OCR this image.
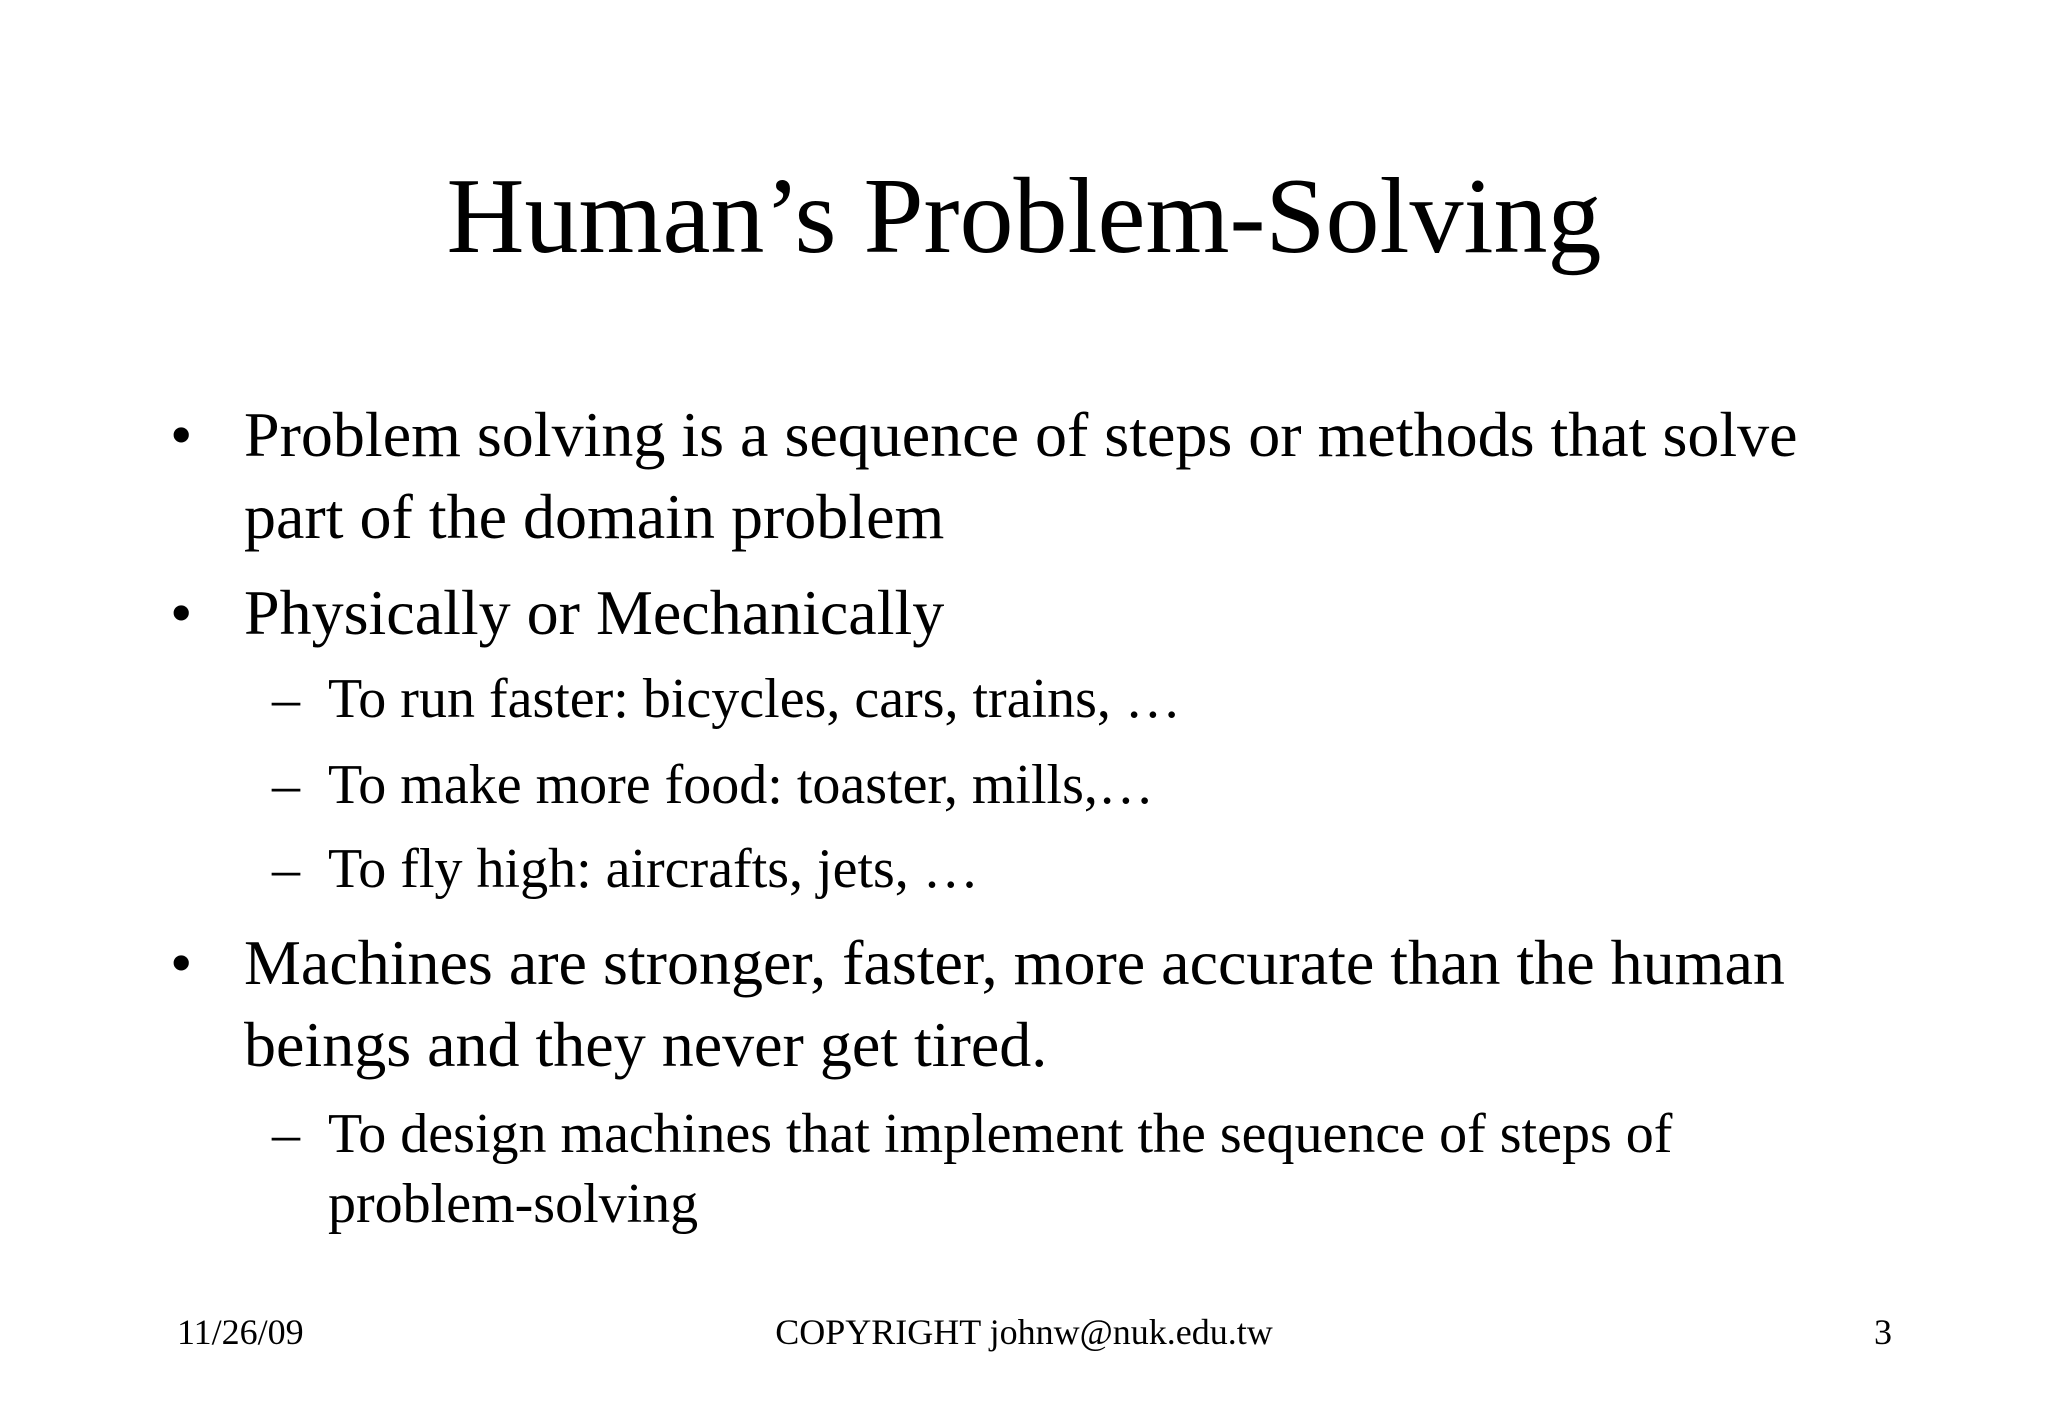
Human’s Problem-Solving
• Problem solving is a sequence of steps or methods that solve part of the domain problem
• Physically or Mechanically
– To run faster: bicycles, cars, trains, …
– To make more food: toaster, mills,…
– To fly high: aircrafts, jets, …
• Machines are stronger, faster, more accurate than the human beings and they never get tired.
– To design machines that implement the sequence of steps of problem-solving
11/26/09	COPYRIGHT johnw@nuk.edu.tw	3
